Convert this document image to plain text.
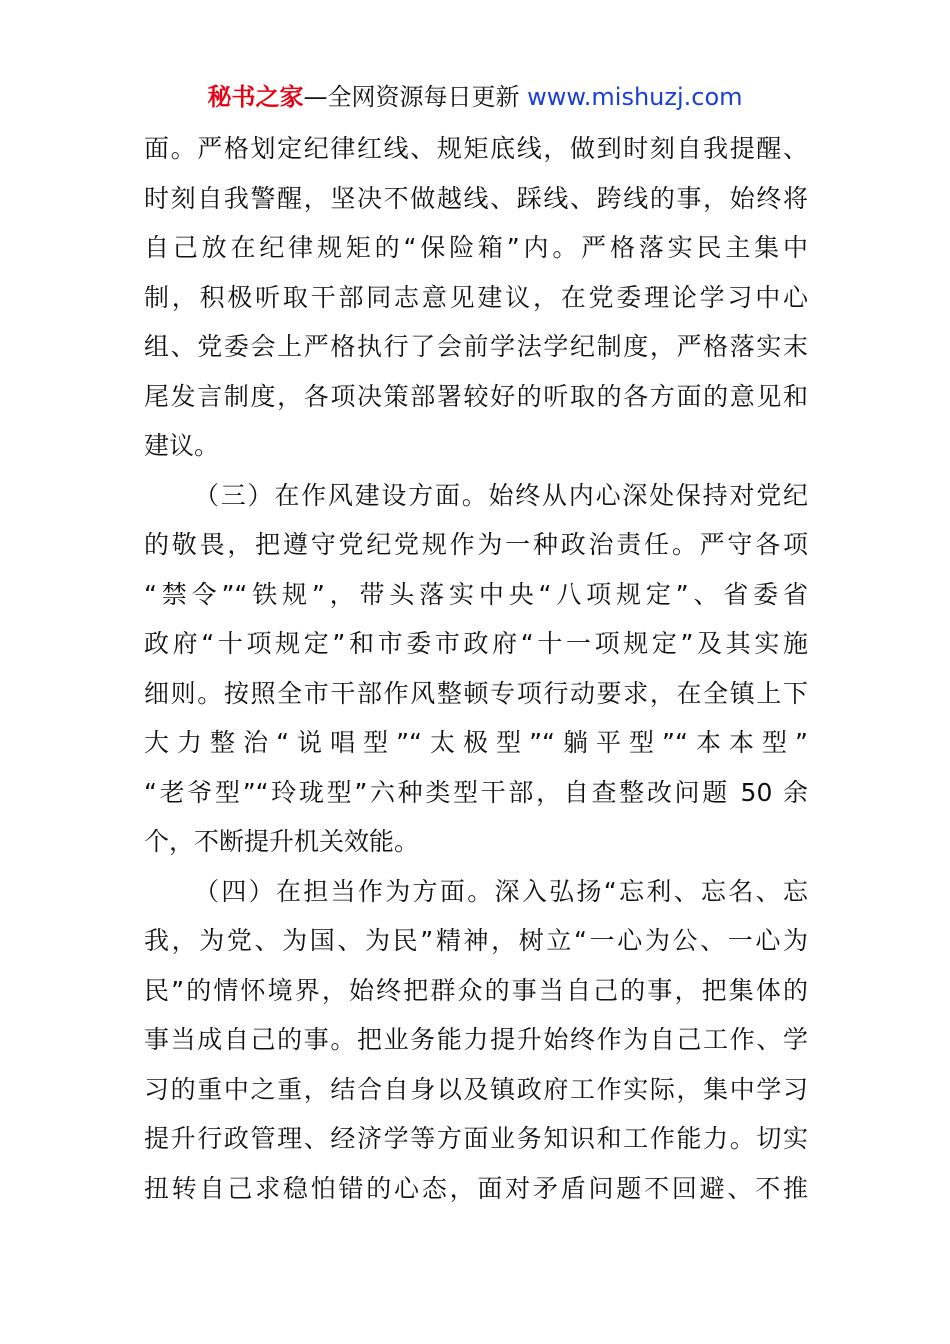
秘书之家—全网资源每日更新 www.mishuzj.com
面。严格划定纪律红线、规矩底线，做到时刻自我提醒、
时刻自我警醒，坚决不做越线、踩线、跨线的事，始终将
自己放在纪律规矩的“保险箱”内。严格落实民主集中
制，积极听取干部同志意见建议，在党委理论学习中心
组、党委会上严格执行了会前学法学纪制度，严格落实末
尾发言制度，各项决策部署较好的听取的各方面的意见和
建议。
（三）在作风建设方面。始终从内心深处保持对党纪
的敬畏，把遵守党纪党规作为一种政治责任。严守各项
“禁令”“铁规”，带头落实中央“八项规定”、省委省
政府“十项规定”和市委市政府“十一项规定”及其实施
细则。按照全市干部作风整顿专项行动要求，在全镇上下
大力整治“说唱型”“太极型”“躺平型”“本本型”
“老爷型”“玲珑型”六种类型干部，自查整改问题 50 余
个，不断提升机关效能。
（四）在担当作为方面。深入弘扬“忘利、忘名、忘
我，为党、为国、为民”精神，树立“一心为公、一心为
民”的情怀境界，始终把群众的事当自己的事，把集体的
事当成自己的事。把业务能力提升始终作为自己工作、学
习的重中之重，结合自身以及镇政府工作实际，集中学习
提升行政管理、经济学等方面业务知识和工作能力。切实
扭转自己求稳怕错的心态，面对矛盾问题不回避、不推
